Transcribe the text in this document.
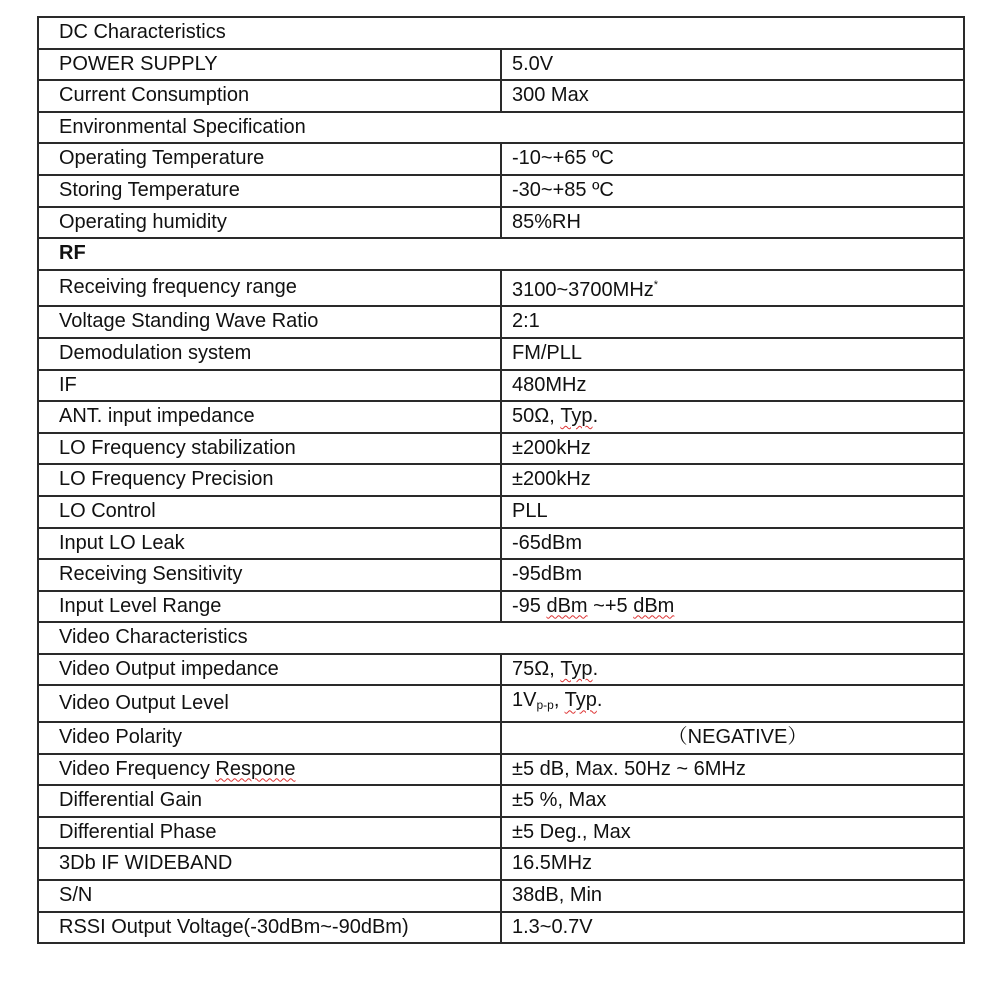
DC Characteristics	
POWER SUPPLY	5.0V
Current Consumption	300 Max
Environmental Specification	
Operating Temperature	-10~+65 ºC
Storing Temperature	-30~+85 ºC
Operating humidity	85%RH
RF	
Receiving frequency range	3100~3700MHz*
Voltage Standing Wave Ratio	2:1
Demodulation system	FM/PLL
IF	480MHz
ANT. input impedance	50Ω, Typ.
LO Frequency stabilization	±200kHz
LO Frequency Precision	±200kHz
LO Control	PLL
Input LO Leak	-65dBm
Receiving Sensitivity	-95dBm
Input Level Range	-95 dBm ~+5 dBm
Video Characteristics	
Video Output impedance	75Ω, Typ.
Video Output Level	$1V_{p-p}$, Typ.
Video Polarity	（NEGATIVE）
Video Frequency Respone	±5 dB, Max. 50Hz ~ 6MHz
Differential Gain	±5 %, Max
Differential Phase	±5 Deg., Max
3Db IF WIDEBAND	16.5MHz
S/N	38dB, Min
RSSI Output Voltage(-30dBm~-90dBm)	1.3~0.7V
